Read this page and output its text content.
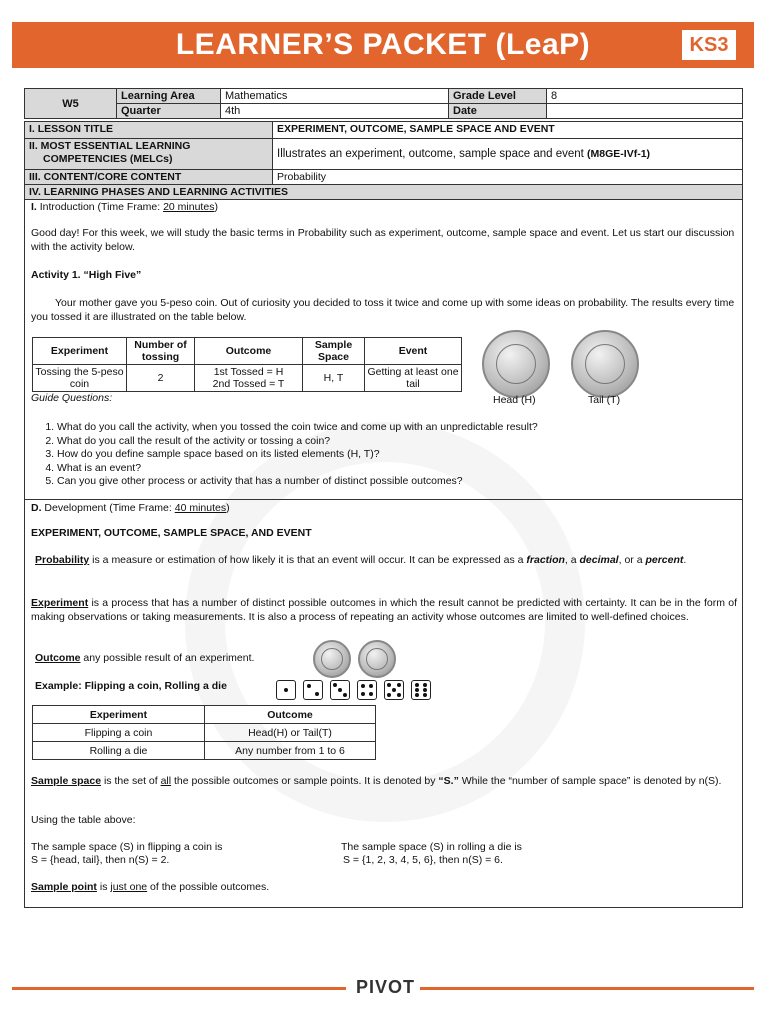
LEARNER’S PACKET (LeaP)	KS3
W5	Learning Area	Mathematics	Grade Level	8
	Quarter	4th	Date	
I. LESSON TITLE	EXPERIMENT, OUTCOME, SAMPLE SPACE AND EVENT
II. MOST ESSENTIAL LEARNING
COMPETENCIES (MELCs)	Illustrates an experiment, outcome, sample space and event (M8GE-IVf-1)
III. CONTENT/CORE CONTENT	Probability
IV. LEARNING PHASES AND LEARNING ACTIVITIES
I. Introduction (Time Frame: 20 minutes)
Good day! For this week, we will study the basic terms in Probability such as experiment, outcome, sample space and event. Let us start our discussion with the activity below.
Activity 1. “High Five”
Your mother gave you 5-peso coin. Out of curiosity you decided to toss it twice and come up with some ideas on probability. The results every time you tossed it are illustrated on the table below.
Experiment	Number of tossing	Outcome	Sample Space	Event
Tossing the 5-peso coin	2	1st Tossed = H
2nd Tossed = T	H, T	Getting at least one tail
Head (H)	Tail (T)
Guide Questions:
1. What do you call the activity, when you tossed the coin twice and come up with an unpredictable result?
2. What do you call the result of the activity or tossing a coin?
3. How do you define sample space based on its listed elements (H, T)?
4. What is an event?
5. Can you give other process or activity that has a number of distinct possible outcomes?
D. Development (Time Frame: 40 minutes)
EXPERIMENT, OUTCOME, SAMPLE SPACE, AND EVENT
Probability is a measure or estimation of how likely it is that an event will occur. It can be expressed as a fraction, a decimal, or a percent.
Experiment is a process that has a number of distinct possible outcomes in which the result cannot be predicted with certainty. It can be in the form of making observations or taking measurements. It is also a process of repeating an activity whose outcomes are limited to well-defined choices.
Outcome any possible result of an experiment.
Example: Flipping a coin, Rolling a die
Experiment	Outcome
Flipping a coin	Head(H) or Tail(T)
Rolling a die	Any number from 1 to 6
Sample space is the set of all the possible outcomes or sample points. It is denoted by “S.” While the “number of sample space” is denoted by n(S).
Using the table above:
The sample space (S) in flipping a coin is
S = {head, tail}, then n(S) = 2.
The sample space (S) in rolling a die is
S = {1, 2, 3, 4, 5, 6}, then n(S) = 6.
Sample point is just one of the possible outcomes.
PIVOT
